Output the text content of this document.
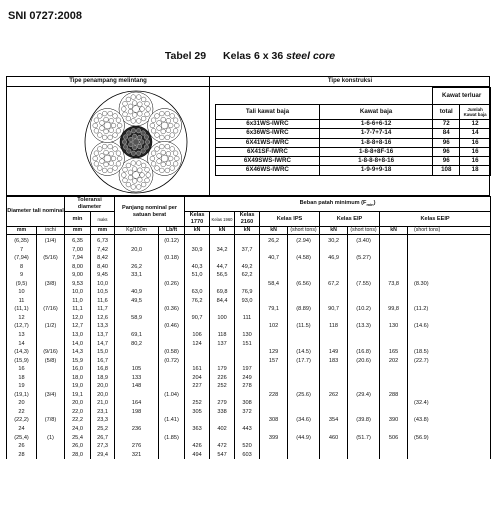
SNI 0727:2008
Tabel 29 Kelas 6 x 36 steel core
Tipe penampang melintang	Tipe konstruksi
		Kawat terluar	
Tali kawat baja	Kawat baja	total	Jumlah Kawat baja
6x31WS-IWRC	1-6-6+6-12	72	12
6x36WS-IWRC	1-7-7+7-14	84	14
6X41WS-IWRC	1-8-8+8-16	96	16
6X41SF-IWRC	1-8-8+8F-16	96	16
6X49SWS-IWRC	1-8-8-8+8-16	96	16
6X46WS-IWRC	1-9-9+9-18	108	18
Diameter tali nominal		Toleransi diameter		Panjang nominal per satuan berat		Beban patah minimum $(F_{min})$								
		min	maks			Kelas 1770	Kelas 1960	Kelas 2160	Kelas IPS		Kelas EIP		Kelas EEIP	
mm	inchi	mm	mm	Kg/100m	Lb/ft	kN	kN	kN	kN	(short tons)	kN	(short tons)	kN	(short tons)
(6,35)	(1/4)	6,35	6,73		(0.12)				26,2	(2.94)	30,2	(3.40)		
7		7,00	7,42	20,0		30,9	34,2	37,7						
(7,94)	(5/16)	7,94	8,42		(0.18)				40,7	(4.58)	46,9	(5.27)		
8		8,00	8,40	26,2		40,3	44,7	49,2						
9		9,00	9,45	33,1		51,0	56,5	62,2						
(9,5)	(3/8)	9,53	10,0		(0.26)				58,4	(6.56)	67,2	(7.55)	73,8	(8.30)
10		10,0	10,5	40,9		63,0	69,8	76,9						
11		11,0	11,6	49,5		76,2	84,4	93,0						
(11,1)	(7/16)	11,1	11,7		(0.36)				79,1	(8.89)	90,7	(10.2)	99,8	(11.2)
12		12,0	12,6	58,9		90,7	100	111						
(12,7)	(1/2)	12,7	13,3		(0.46)				102	(11.5)	118	(13.3)	130	(14.6)
13		13,0	13,7	69,1		106	118	130						
14		14,0	14,7	80,2		124	137	151						
(14,3)	(9/16)	14,3	15,0		(0.58)				129	(14.5)	149	(16.8)	165	(18.5)
(15,9)	(5/8)	15,9	16,7		(0.72)				157	(17.7)	183	(20.6)	202	(22.7)
16		16,0	16,8	105		161	179	197						
18		18,0	18,9	133		204	226	249						
19		19,0	20,0	148		227	252	278						
(19,1)	(3/4)	19,1	20,0		(1.04)				228	(25.6)	262	(29.4)	288	
20		20,0	21,0	164		252	279	308						(32.4)
22		22,0	23,1	198		305	338	372						
(22,2)	(7/8)	22,2	23,3		(1.41)				308	(34.6)	354	(39.8)	390	(43.8)
24		24,0	25,2	236		363	402	443						
(25,4)	(1)	25,4	26,7		(1.85)				399	(44.9)	460	(51.7)	506	(56.9)
26		26,0	27,3	276		426	472	520						
28		28,0	29,4	321		494	547	603						
